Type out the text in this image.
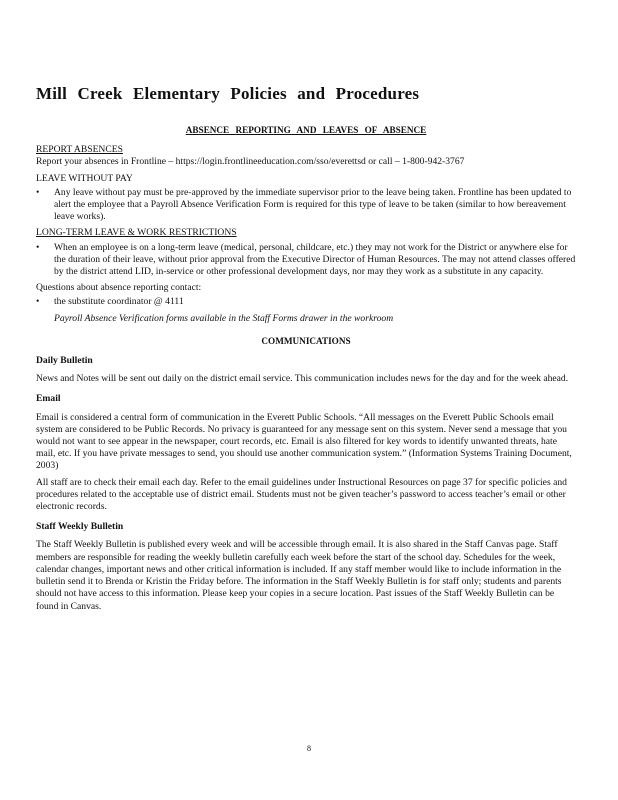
Mill Creek Elementary Policies and Procedures

ABSENCE REPORTING AND LEAVES OF ABSENCE

REPORT ABSENCES

Report your absences in Frontline – https://login.frontlineeducation.com/sso/everettsd or call – 1-800-942-3767

LEAVE WITHOUT PAY

• Any leave without pay must be pre-approved by the immediate supervisor prior to the leave being taken. Frontline has been updated to alert the employee that a Payroll Absence Verification Form is required for this type of leave to be taken (similar to how bereavement leave works).

LONG-TERM LEAVE & WORK RESTRICTIONS

• When an employee is on a long-term leave (medical, personal, childcare, etc.) they may not work for the District or anywhere else for the duration of their leave, without prior approval from the Executive Director of Human Resources. The may not attend classes offered by the district attend LID, in-service or other professional development days, nor may they work as a substitute in any capacity.

Questions about absence reporting contact:

• the substitute coordinator @ 4111

Payroll Absence Verification forms available in the Staff Forms drawer in the workroom

COMMUNICATIONS

Daily Bulletin

News and Notes will be sent out daily on the district email service. This communication includes news for the day and for the week ahead.

Email

Email is considered a central form of communication in the Everett Public Schools. “All messages on the Everett Public Schools email system are considered to be Public Records. No privacy is guaranteed for any message sent on this system. Never send a message that you would not want to see appear in the newspaper, court records, etc. Email is also filtered for key words to identify unwanted threats, hate mail, etc. If you have private messages to send, you should use another communication system.” (Information Systems Training Document, 2003)

All staff are to check their email each day. Refer to the email guidelines under Instructional Resources on page 37 for specific policies and procedures related to the acceptable use of district email. Students must not be given teacher’s password to access teacher’s email or other electronic records.

Staff Weekly Bulletin

The Staff Weekly Bulletin is published every week and will be accessible through email. It is also shared in the Staff Canvas page. Staff members are responsible for reading the weekly bulletin carefully each week before the start of the school day. Schedules for the week, calendar changes, important news and other critical information is included. If any staff member would like to include information in the bulletin send it to Brenda or Kristin the Friday before. The information in the Staff Weekly Bulletin is for staff only; students and parents should not have access to this information. Please keep your copies in a secure location. Past issues of the Staff Weekly Bulletin can be found in Canvas.

8
